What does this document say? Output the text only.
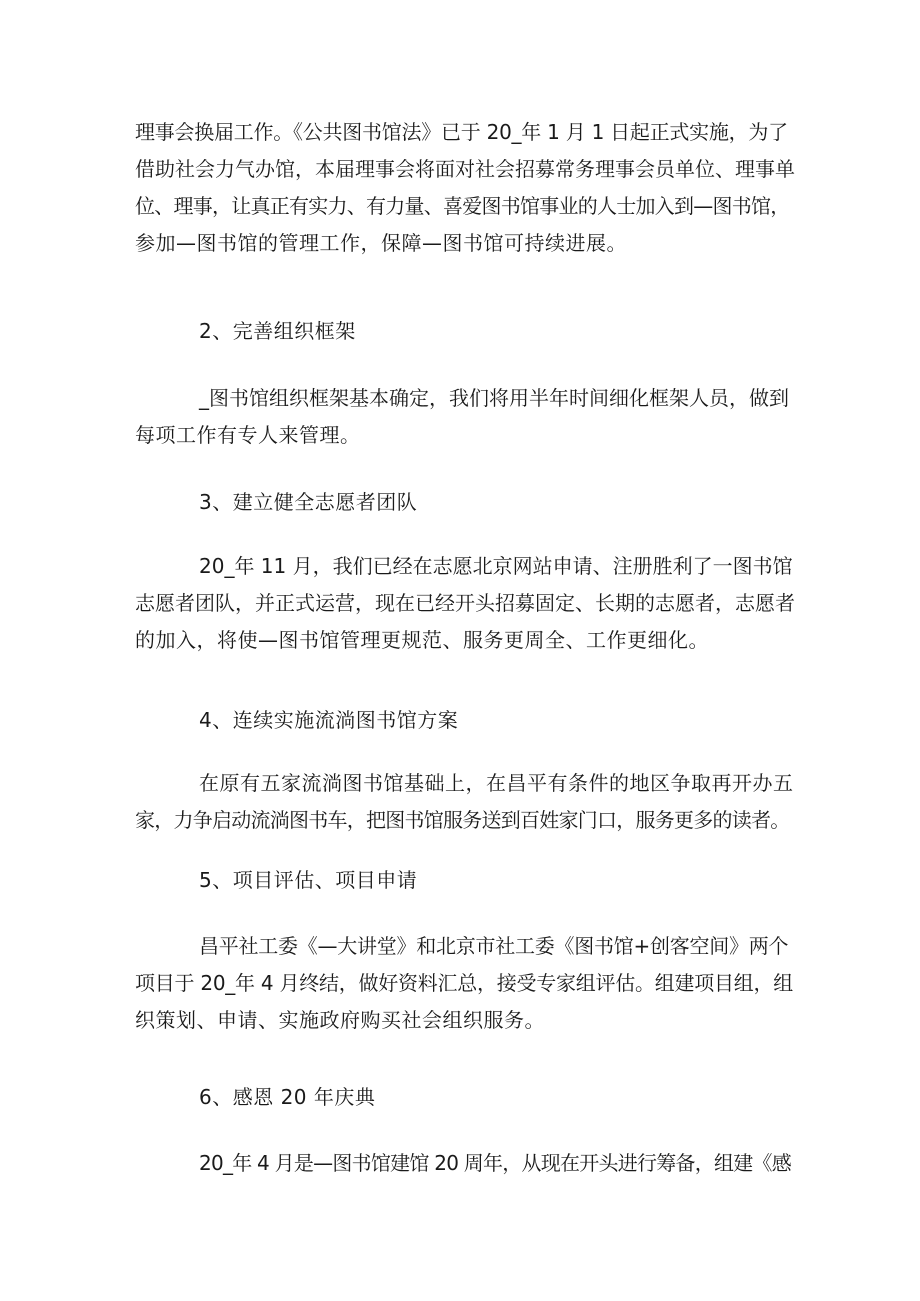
理事会换届工作。《公共图书馆法》已于 20_年 1 月 1 日起正式实施，为了
借助社会力气办馆，本届理事会将面对社会招募常务理事会员单位、理事单
位、理事，让真正有实力、有力量、喜爱图书馆事业的人士加入到—图书馆，
参加—图书馆的管理工作，保障—图书馆可持续进展。
2、完善组织框架
_图书馆组织框架基本确定，我们将用半年时间细化框架人员，做到
每项工作有专人来管理。
3、建立健全志愿者团队
20_年 11 月，我们已经在志愿北京网站申请、注册胜利了一图书馆
志愿者团队，并正式运营，现在已经开头招募固定、长期的志愿者，志愿者
的加入，将使—图书馆管理更规范、服务更周全、工作更细化。
4、连续实施流淌图书馆方案
在原有五家流淌图书馆基础上，在昌平有条件的地区争取再开办五
家，力争启动流淌图书车，把图书馆服务送到百姓家门口，服务更多的读者。
5、项目评估、项目申请
昌平社工委《—大讲堂》和北京市社工委《图书馆+创客空间》两个
项目于 20_年 4 月终结，做好资料汇总，接受专家组评估。组建项目组，组
织策划、申请、实施政府购买社会组织服务。
6、感恩 20 年庆典
20_年 4 月是—图书馆建馆 20 周年，从现在开头进行筹备，组建《感
